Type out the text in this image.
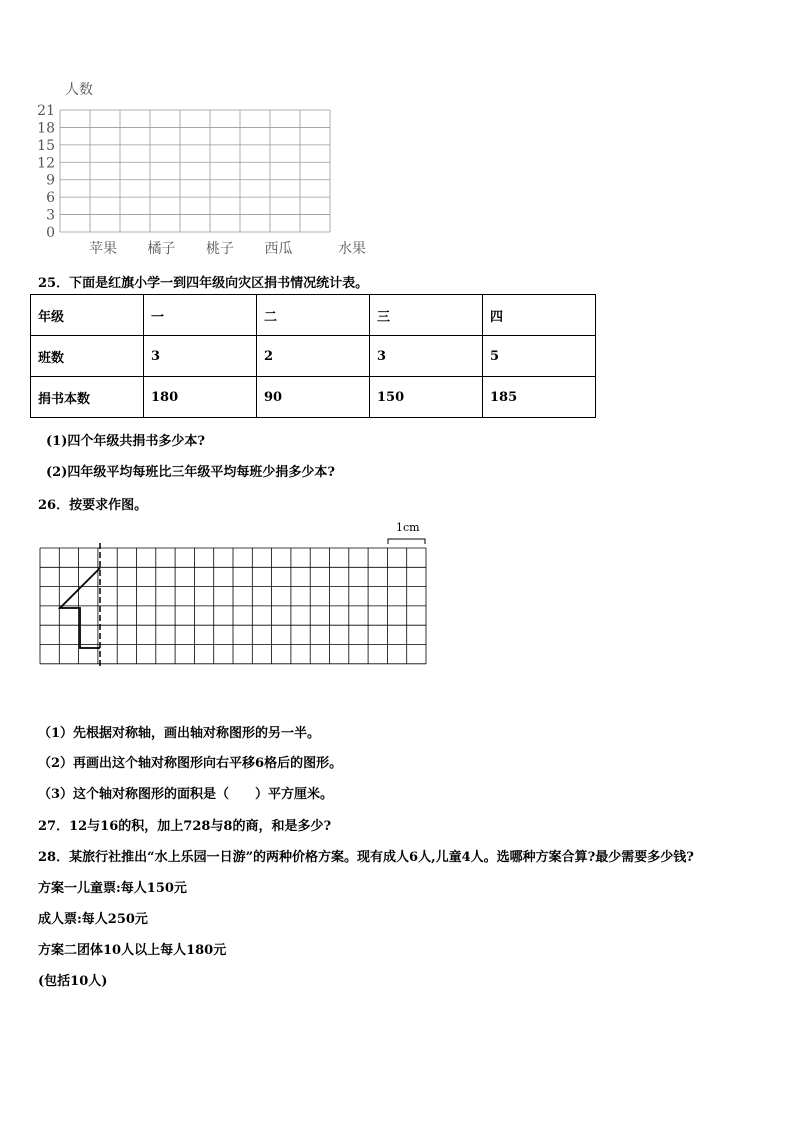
人数
21
18
15
12
9
6
3
0
苹果 橘子 桃子 西瓜	水果
25．下面是红旗小学一到四年级向灾区捐书情况统计表。
年级	一	二	三	四
班数	3	2	3	5
捐书本数	180	90	150	185
(1)四个年级共捐书多少本?
(2)四年级平均每班比三年级平均每班少捐多少本?
26．按要求作图。
1cm
（1）先根据对称轴，画出轴对称图形的另一半。
（2）再画出这个轴对称图形向右平移6格后的图形。
（3）这个轴对称图形的面积是（　　）平方厘米。
27．12与16的积，加上728与8的商，和是多少?
28．某旅行社推出“水上乐园一日游”的两种价格方案。现有成人6人,儿童4人。选哪种方案合算?最少需要多少钱?
方案一儿童票:每人150元
成人票:每人250元
方案二团体10人以上每人180元
(包括10人)
